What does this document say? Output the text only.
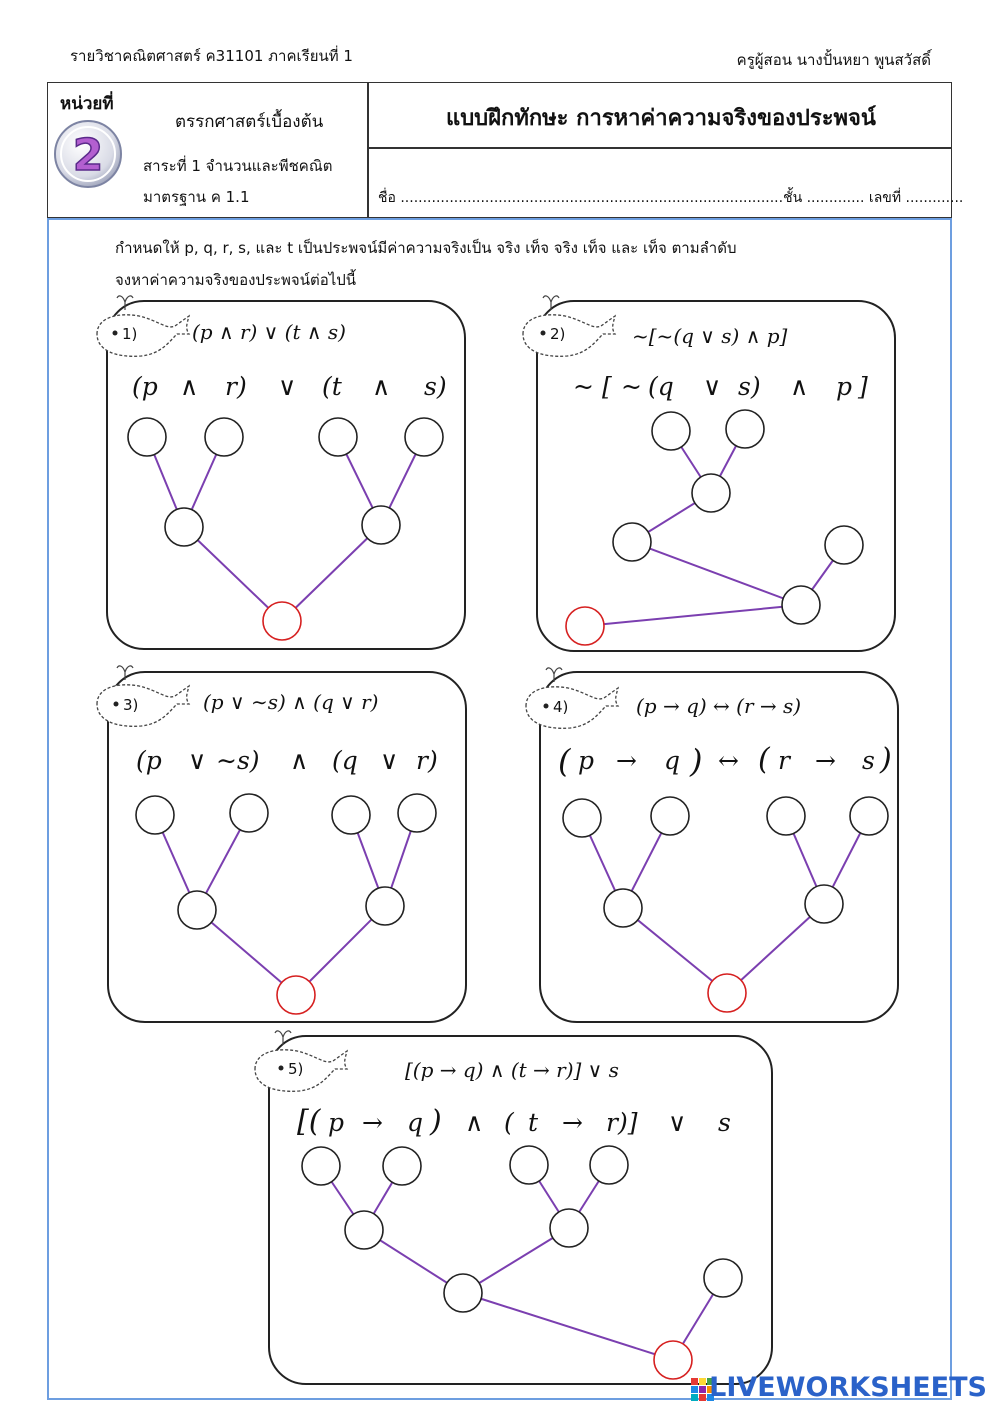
รายวิชาคณิตศาสตร์ ค31101 ภาคเรียนที่ 1	ครูผู้สอน นางปั้นหยา พูนสวัสดิ์
หน่วยที่
2
ตรรกศาสตร์เบื้องต้น
สาระที่ 1 จำนวนและพีชคณิต
มาตรฐาน ค 1.1
แบบฝึกทักษะ การหาค่าความจริงของประพจน์
ชื่อ ......................................................................................ชั้น ............. เลขที่ .............
กำหนดให้ p, q, r, s, และ t เป็นประพจน์มีค่าความจริงเป็น จริง เท็จ จริง เท็จ และ เท็จ ตามลำดับ
จงหาค่าความจริงของประพจน์ต่อไปนี้
1)	2)
3)	4)
5)
(p ∧ r) ∨ (t ∧ s)	~[~(q ∨ s) ∧ p]
(p ∨ ∼s) ∧ (q ∨ r)	(p → q) ↔ (r → s)
[(p → q) ∧ (t → r)] ∨ s
(p ∧ r) ∨ (t ∧ s)	~ [ ~ (q ∨ s) ∧ p ]
(p ∨ ∼s) ∧ (q ∨ r)	( p → q ) ↔ ( r → s )
[( p → q ) ∧ ( t → r)] ∨ s
LIVEWORKSHEETS
